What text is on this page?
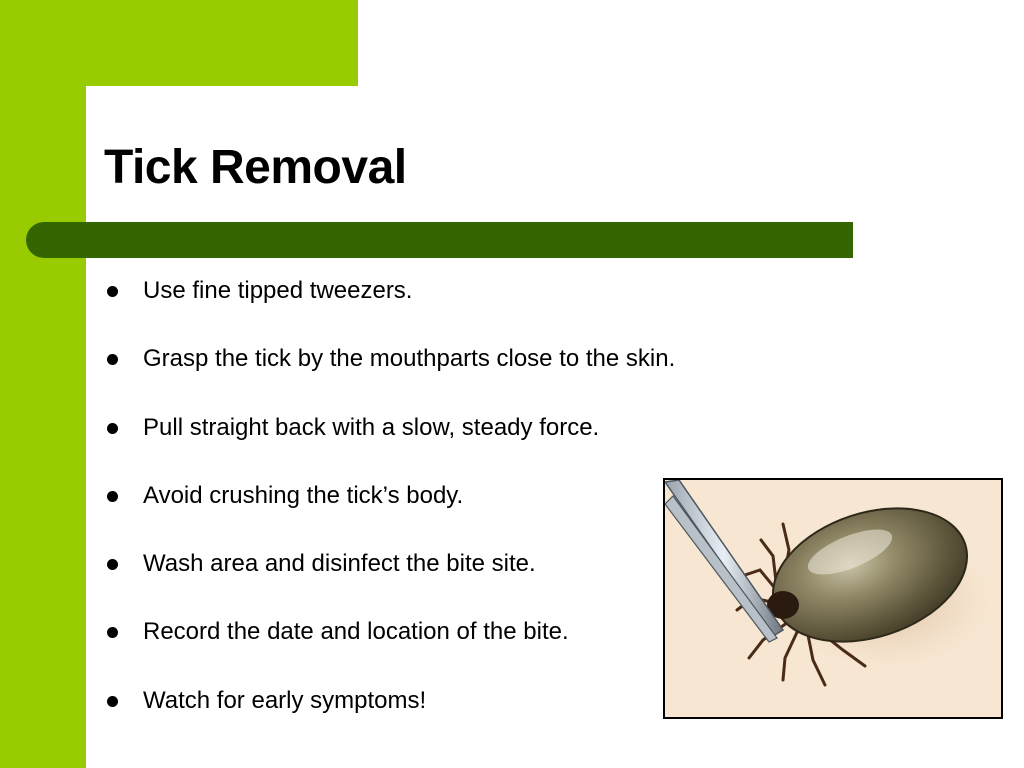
Tick Removal
Use fine tipped tweezers.
Grasp the tick by the mouthparts close to the skin.
Pull straight back with a slow, steady force.
Avoid crushing the tick’s body.
Wash area and disinfect the bite site.
Record the date and location of the bite.
Watch for early symptoms!
